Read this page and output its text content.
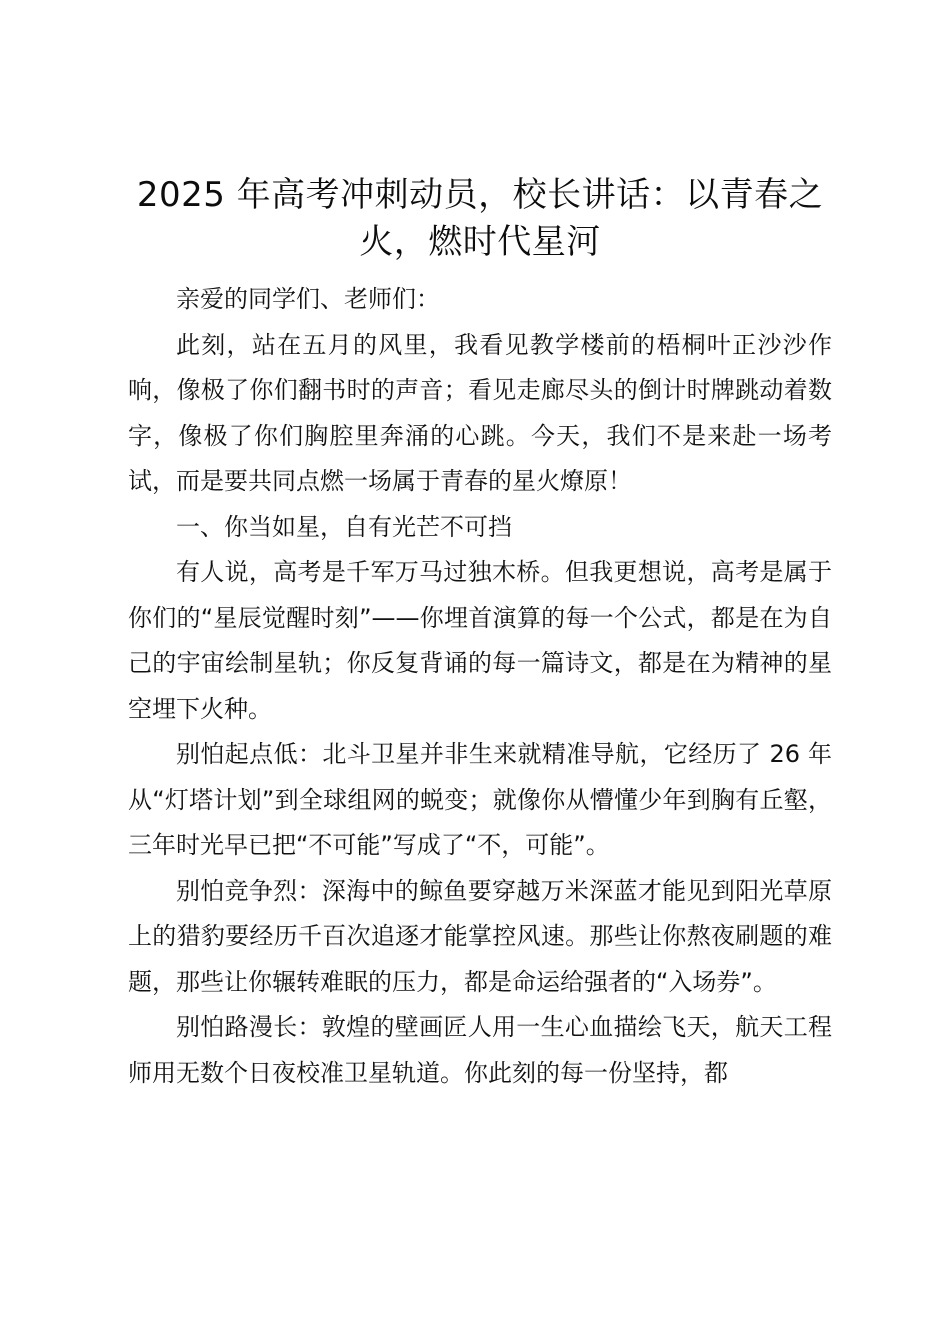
2025 年高考冲刺动员，校长讲话：以青春之火，燃时代星河

亲爱的同学们、老师们：

此刻，站在五月的风里，我看见教学楼前的梧桐叶正沙沙作响，像极了你们翻书时的声音；看见走廊尽头的倒计时牌跳动着数字，像极了你们胸腔里奔涌的心跳。今天，我们不是来赴一场考试，而是要共同点燃一场属于青春的星火燎原！

一、你当如星，自有光芒不可挡

有人说，高考是千军万马过独木桥。但我更想说，高考是属于你们的“星辰觉醒时刻”——你埋首演算的每一个公式，都是在为自己的宇宙绘制星轨；你反复背诵的每一篇诗文，都是在为精神的星空埋下火种。

别怕起点低：北斗卫星并非生来就精准导航，它经历了 26 年从“灯塔计划”到全球组网的蜕变；就像你从懵懂少年到胸有丘壑，三年时光早已把“不可能”写成了“不，可能”。

别怕竞争烈：深海中的鲸鱼要穿越万米深蓝才能见到阳光草原上的猎豹要经历千百次追逐才能掌控风速。那些让你熬夜刷题的难题，那些让你辗转难眠的压力，都是命运给强者的“入场券”。

别怕路漫长：敦煌的壁画匠人用一生心血描绘飞天，航天工程师用无数个日夜校准卫星轨道。你此刻的每一份坚持，都
